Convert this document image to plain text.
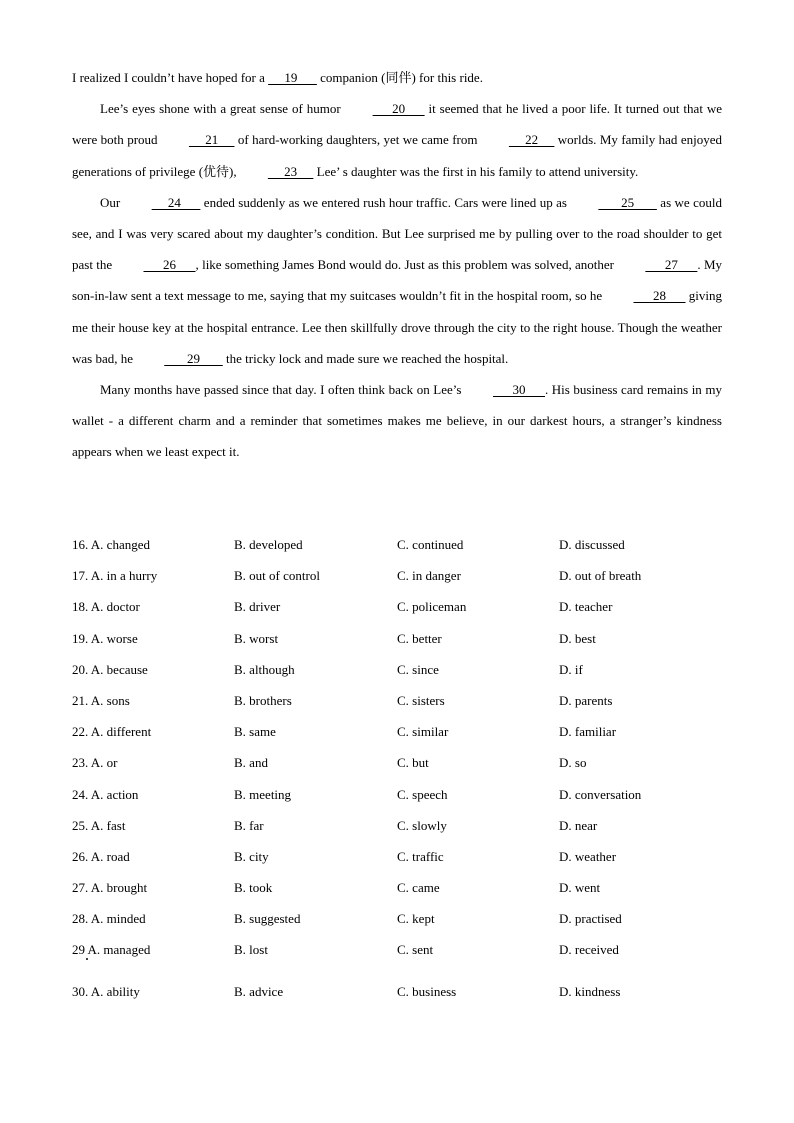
I realized I couldn’t have hoped for a      19       companion (同伴) for this ride.

Lee’s eyes shone with a great sense of humor       20       it seemed that he lived a poor life. It turned out that we were both proud      21      of hard-working daughters, yet we came from      22      worlds. My family had enjoyed generations of privilege (优待),      23      Lee’ s daughter was the first in his family to attend university.

Our      24       ended suddenly as we entered rush hour traffic. Cars were lined up as        25        as we could see, and I was very scared about my daughter’s condition. But Lee surprised me by pulling over to the road shoulder to get past the       26      , like something James Bond would do. Just as this problem was solved, another       27      . My son-in-law sent a text message to me, saying that my suitcases wouldn’t fit in the hospital room, so he       28       giving me their house key at the hospital entrance. Lee then skillfully drove through the city to the right house. Though the weather was bad, he        29        the tricky lock and made sure we reached the hospital.

Many months have passed since that day. I often think back on Lee’s       30      . His business card remains in my wallet - a different charm and a reminder that sometimes makes me believe, in our darkest hours, a stranger’s kindness appears when we least expect it.

16. A. changed	B. developed	C. continued	D. discussed
17. A. in a hurry	B. out of control	C. in danger	D. out of breath
18. A. doctor	B. driver	C. policeman	D. teacher
19. A. worse	B. worst	C. better	D. best
20. A. because	B. although	C. since	D. if
21. A. sons	B. brothers	C. sisters	D. parents
22. A. different	B. same	C. similar	D. familiar
23. A. or	B. and	C. but	D. so
24. A. action	B. meeting	C. speech	D. conversation
25. A. fast	B. far	C. slowly	D. near
26. A. road	B. city	C. traffic	D. weather
27. A. brought	B. took	C. came	D. went
28. A. minded	B. suggested	C. kept	D. practised
29 A. managed	B. lost	C. sent	D. received
30. A. ability	B. advice	C. business	D. kindness
